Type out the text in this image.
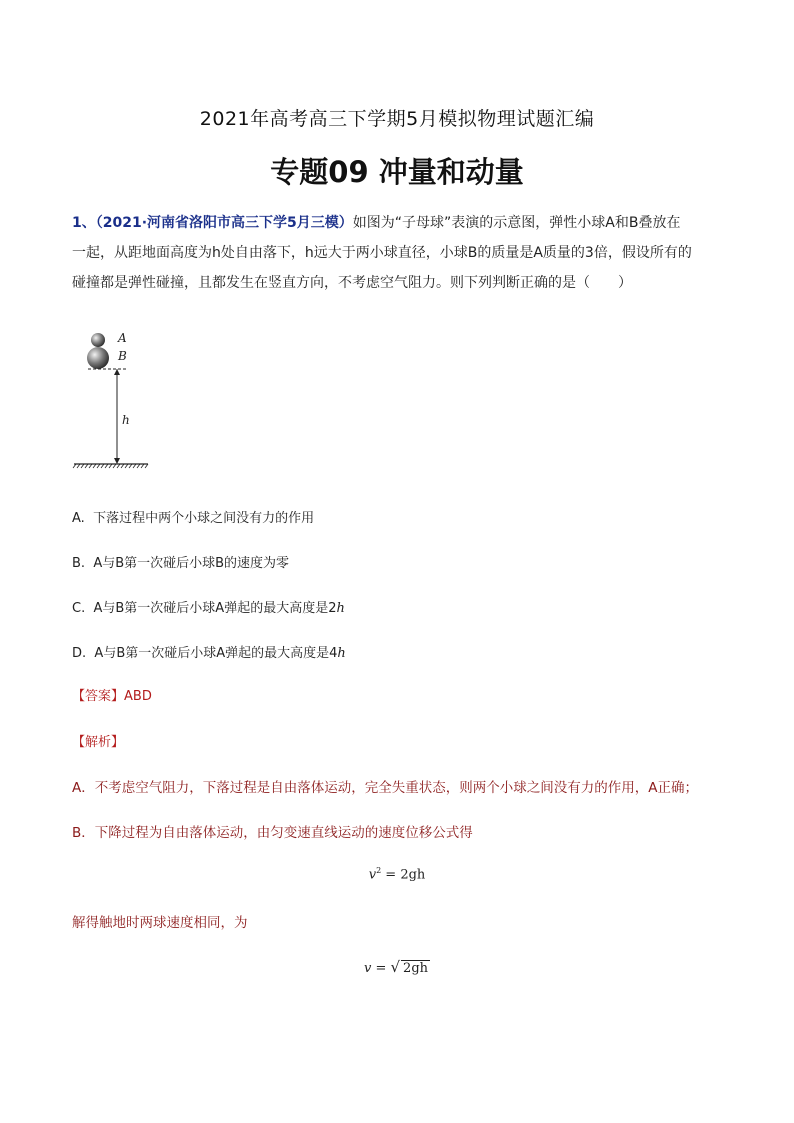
2021年高考高三下学期5月模拟物理试题汇编
专题09 冲量和动量
1、（2021·河南省洛阳市高三下学5月三模）如图为“子母球”表演的示意图，弹性小球A和B叠放在
一起，从距地面高度为h处自由落下，h远大于两小球直径，小球B的质量是A质量的3倍，假设所有的
碰撞都是弹性碰撞，且都发生在竖直方向，不考虑空气阻力。则下列判断正确的是（　　）
A
B
h
A. 下落过程中两个小球之间没有力的作用
B. A与B第一次碰后小球B的速度为零
C. A与B第一次碰后小球A弹起的最大高度是2h
D. A与B第一次碰后小球A弹起的最大高度是4h
【答案】ABD
【解析】
A．不考虑空气阻力，下落过程是自由落体运动，完全失重状态，则两个小球之间没有力的作用，A正确；
B．下降过程为自由落体运动，由匀变速直线运动的速度位移公式得
$v^2 = 2gh$
解得触地时两球速度相同，为
v = √ 2gh
